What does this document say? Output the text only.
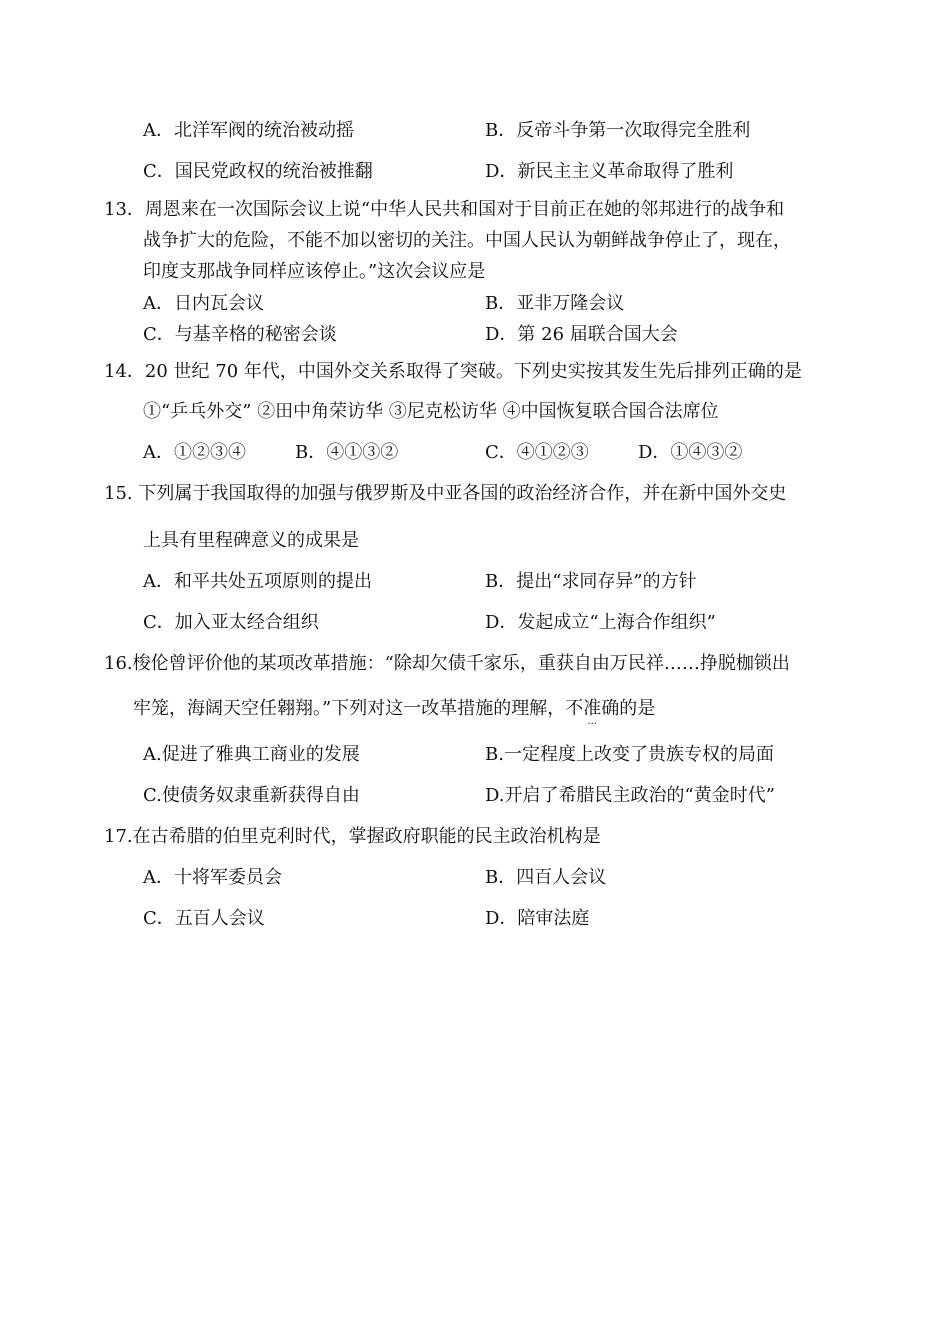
A．北洋军阀的统治被动摇	B．反帝斗争第一次取得完全胜利
C．国民党政权的统治被推翻	D．新民主主义革命取得了胜利
13．周恩来在一次国际会议上说“中华人民共和国对于目前正在她的邻邦进行的战争和
战争扩大的危险，不能不加以密切的关注。中国人民认为朝鲜战争停止了，现在，
印度支那战争同样应该停止。”这次会议应是
A．日内瓦会议	B．亚非万隆会议
C．与基辛格的秘密会谈	D．第 26 届联合国大会
14．20 世纪 70 年代，中国外交关系取得了突破。下列史实按其发生先后排列正确的是
①“乒乓外交” ②田中角荣访华 ③尼克松访华 ④中国恢复联合国合法席位
A．①②③④	B．④①③②	C．④①②③	D．①④③②
15. 下列属于我国取得的加强与俄罗斯及中亚各国的政治经济合作，并在新中国外交史
上具有里程碑意义的成果是
A．和平共处五项原则的提出	B．提出“求同存异”的方针
C．加入亚太经合组织	D．发起成立“上海合作组织”
16.梭伦曾评价他的某项改革措施：“除却欠债千家乐，重获自由万民祥……挣脱枷锁出
牢笼，海阔天空任翱翔。”下列对这一改革措施的理解，不准确
···
的是
A.促进了雅典工商业的发展	B.一定程度上改变了贵族专权的局面
C.使债务奴隶重新获得自由	D.开启了希腊民主政治的“黄金时代”
17.在古希腊的伯里克利时代，掌握政府职能的民主政治机构是
A．十将军委员会	B．四百人会议
C．五百人会议	D．陪审法庭
